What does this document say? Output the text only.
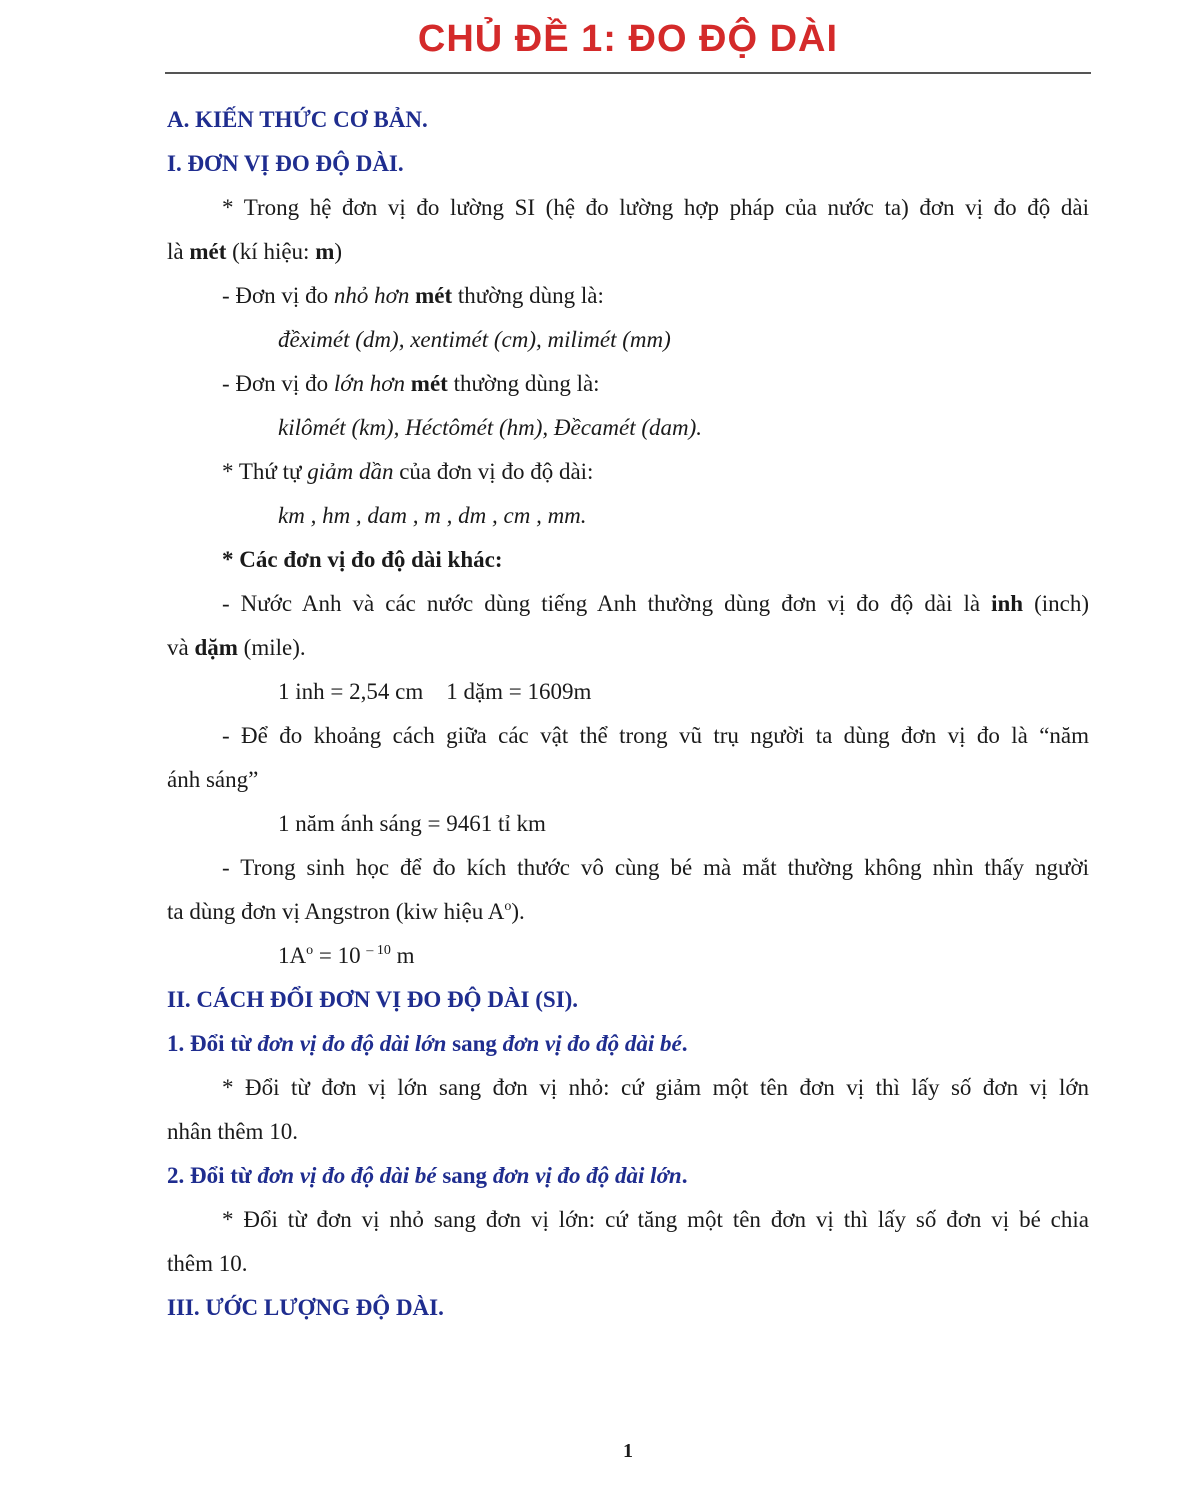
CHỦ ĐỀ 1: ĐO ĐỘ DÀI
A. KIẾN THỨC CƠ BẢN.
I. ĐƠN VỊ ĐO ĐỘ DÀI.
* Trong hệ đơn vị đo lường SI (hệ đo lường hợp pháp của nước ta) đơn vị đo độ dài
là mét (kí hiệu: m)
- Đơn vị đo nhỏ hơn mét thường dùng là:
đềximét (dm), xentimét (cm), milimét (mm)
- Đơn vị đo lớn hơn mét thường dùng là:
kilômét (km), Héctômét (hm), Đềcamét (dam).
* Thứ tự giảm dần của đơn vị đo độ dài:
km , hm , dam , m , dm , cm , mm.
* Các đơn vị đo độ dài khác:
- Nước Anh và các nước dùng tiếng Anh thường dùng đơn vị đo độ dài là inh (inch)
và dặm (mile).
1 inh = 2,54 cm    1 dặm = 1609m
- Để đo khoảng cách giữa các vật thể trong vũ trụ người ta dùng đơn vị đo là “năm
ánh sáng”
1 năm ánh sáng = 9461 tỉ km
- Trong sinh học để đo kích thước vô cùng bé mà mắt thường không nhìn thấy người
ta dùng đơn vị Angstron (kiw hiệu $A^o$).
$1A^o = 10$ $^{- 10}$ m
II. CÁCH ĐỔI ĐƠN VỊ ĐO ĐỘ DÀI (SI).
1. Đổi từ đơn vị đo độ dài lớn sang đơn vị đo độ dài bé.
* Đổi từ đơn vị lớn sang đơn vị nhỏ: cứ giảm một tên đơn vị thì lấy số đơn vị lớn
nhân thêm 10.
2. Đổi từ đơn vị đo độ dài bé sang đơn vị đo độ dài lớn.
* Đổi từ đơn vị nhỏ sang đơn vị lớn: cứ tăng một tên đơn vị thì lấy số đơn vị bé chia
thêm 10.
III. ƯỚC LƯỢNG ĐỘ DÀI.
1
